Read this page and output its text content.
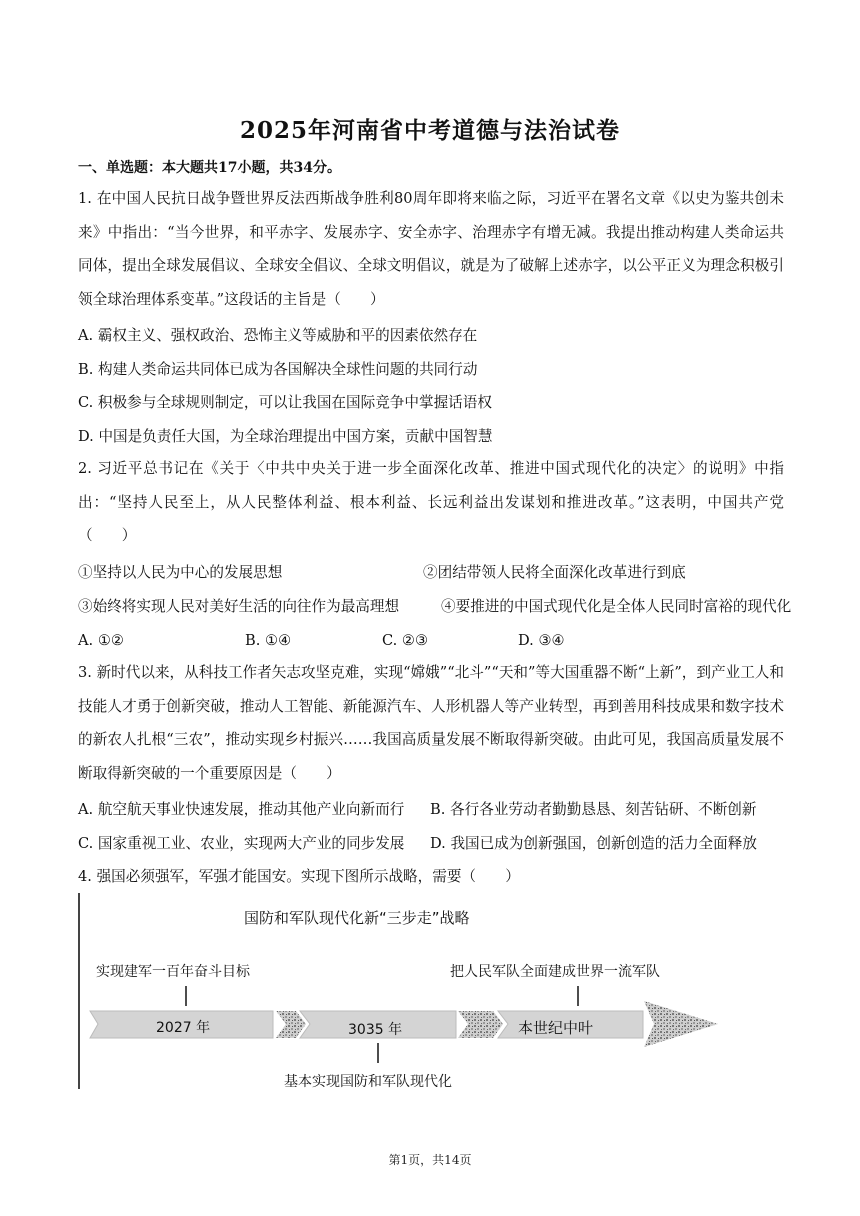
2025年河南省中考道德与法治试卷
一、单选题：本大题共17小题，共34分。
1. 在中国人民抗日战争暨世界反法西斯战争胜利80周年即将来临之际，习近平在署名文章《以史为鉴共创未来》中指出：“当今世界，和平赤字、发展赤字、安全赤字、治理赤字有增无减。我提出推动构建人类命运共同体，提出全球发展倡议、全球安全倡议、全球文明倡议，就是为了破解上述赤字，以公平正义为理念积极引领全球治理体系变革。”这段话的主旨是（　　）
A. 霸权主义、强权政治、恐怖主义等威胁和平的因素依然存在
B. 构建人类命运共同体已成为各国解决全球性问题的共同行动
C. 积极参与全球规则制定，可以让我国在国际竞争中掌握话语权
D. 中国是负责任大国，为全球治理提出中国方案，贡献中国智慧
2. 习近平总书记在《关于〈中共中央关于进一步全面深化改革、推进中国式现代化的决定〉的说明》中指出：“坚持人民至上，从人民整体利益、根本利益、长远利益出发谋划和推进改革。”这表明，中国共产党（　　）
①坚持以人民为中心的发展思想	②团结带领人民将全面深化改革进行到底
③始终将实现人民对美好生活的向往作为最高理想	④要推进的中国式现代化是全体人民同时富裕的现代化
A. ①②	B. ①④	C. ②③	D. ③④
3. 新时代以来，从科技工作者矢志攻坚克难，实现“嫦娥”“北斗”“天和”等大国重器不断“上新”，到产业工人和技能人才勇于创新突破，推动人工智能、新能源汽车、人形机器人等产业转型，再到善用科技成果和数字技术的新农人扎根“三农”，推动实现乡村振兴……我国高质量发展不断取得新突破。由此可见，我国高质量发展不断取得新突破的一个重要原因是（　　）
A. 航空航天事业快速发展，推动其他产业向新而行 B. 各行各业劳动者勤勤恳恳、刻苦钻研、不断创新
C. 国家重视工业、农业，实现两大产业的同步发展 D. 我国已成为创新强国，创新创造的活力全面释放
4. 强国必须强军，军强才能国安。实现下图所示战略，需要（　　）
国防和军队现代化新“三步走”战略
实现建军一百年奋斗目标	把人民军队全面建成世界一流军队
2027 年	3035 年	本世纪中叶
基本实现国防和军队现代化
第1页，共14页
